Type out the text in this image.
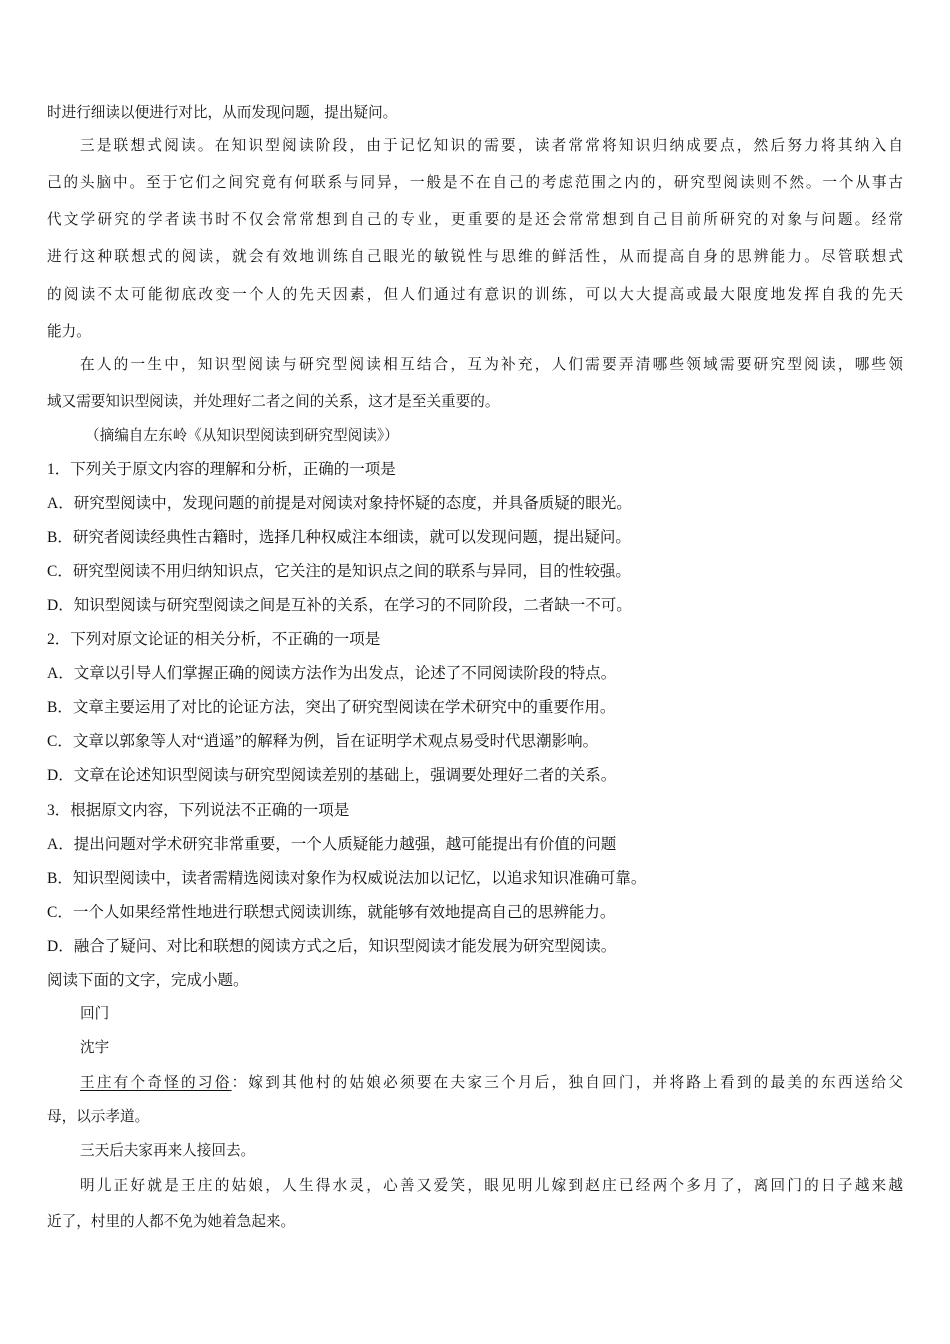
时进行细读以便进行对比，从而发现问题，提出疑问。
三是联想式阅读。在知识型阅读阶段，由于记忆知识的需要，读者常常将知识归纳成要点，然后努力将其纳入自
己的头脑中。至于它们之间究竟有何联系与同异，一般是不在自己的考虑范围之内的，研究型阅读则不然。一个从事古
代文学研究的学者读书时不仅会常常想到自己的专业，更重要的是还会常常想到自己目前所研究的对象与问题。经常
进行这种联想式的阅读，就会有效地训练自己眼光的敏锐性与思维的鲜活性，从而提高自身的思辨能力。尽管联想式
的阅读不太可能彻底改变一个人的先天因素，但人们通过有意识的训练，可以大大提高或最大限度地发挥自我的先天
能力。
在人的一生中，知识型阅读与研究型阅读相互结合，互为补充，人们需要弄清哪些领域需要研究型阅读，哪些领
域又需要知识型阅读，并处理好二者之间的关系，这才是至关重要的。
（摘编自左东岭《从知识型阅读到研究型阅读》）
1．下列关于原文内容的理解和分析，正确的一项是
A．研究型阅读中，发现问题的前提是对阅读对象持怀疑的态度，并具备质疑的眼光。
B．研究者阅读经典性古籍时，选择几种权威注本细读，就可以发现问题，提出疑问。
C．研究型阅读不用归纳知识点，它关注的是知识点之间的联系与异同，目的性较强。
D．知识型阅读与研究型阅读之间是互补的关系，在学习的不同阶段，二者缺一不可。
2．下列对原文论证的相关分析，不正确的一项是
A．文章以引导人们掌握正确的阅读方法作为出发点，论述了不同阅读阶段的特点。
B．文章主要运用了对比的论证方法，突出了研究型阅读在学术研究中的重要作用。
C．文章以郭象等人对“逍遥”的解释为例，旨在证明学术观点易受时代思潮影响。
D．文章在论述知识型阅读与研究型阅读差别的基础上，强调要处理好二者的关系。
3．根据原文内容，下列说法不正确的一项是
A．提出问题对学术研究非常重要，一个人质疑能力越强，越可能提出有价值的问题
B．知识型阅读中，读者需精选阅读对象作为权威说法加以记忆，以追求知识准确可靠。
C．一个人如果经常性地进行联想式阅读训练，就能够有效地提高自己的思辨能力。
D．融合了疑问、对比和联想的阅读方式之后，知识型阅读才能发展为研究型阅读。
阅读下面的文字，完成小题。
回门
沈宇
王庄有个奇怪的习俗：嫁到其他村的姑娘必须要在夫家三个月后，独自回门，并将路上看到的最美的东西送给父
母，以示孝道。
三天后夫家再来人接回去。
明儿正好就是王庄的姑娘，人生得水灵，心善又爱笑，眼见明儿嫁到赵庄已经两个多月了，离回门的日子越来越
近了，村里的人都不免为她着急起来。
